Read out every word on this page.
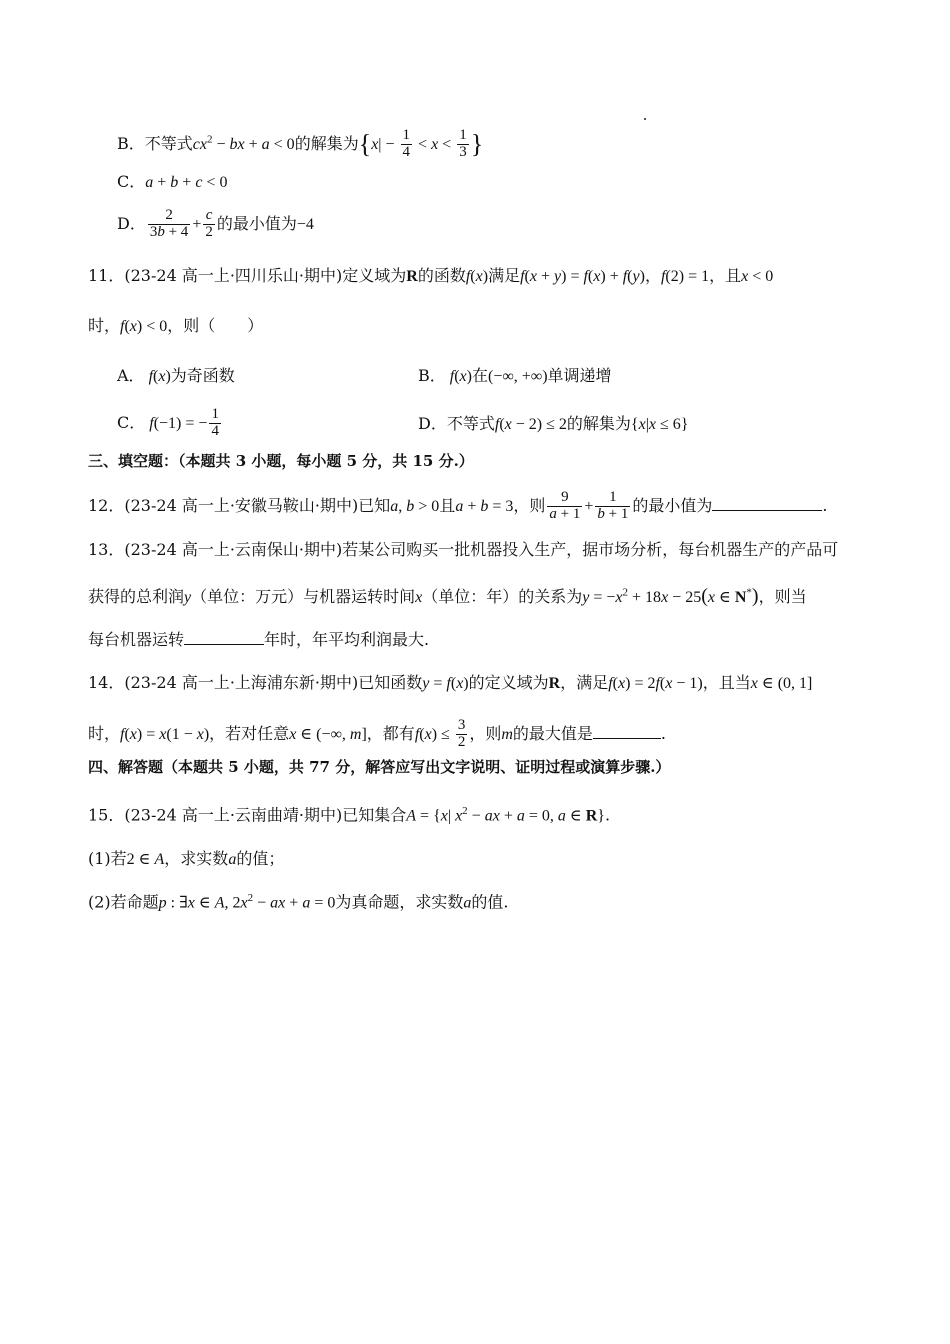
B．不等式$cx^2$ − bx + a < 0的解集为{$x| - \frac{1}{4} < x < \frac{1}{3}$ }
C．a + b + c < 0
D． $\frac{2}{3b + 4} + \frac{c}{2}$ 的最小值为−4
11．(23-24 高一上·四川乐山·期中)定义域为R的函数f(x)满足f(x + y) = f(x) + f(y)，f(2) = 1，且x < 0
时，f(x) < 0，则（　　）
A． f(x)为奇函数	B． f(x)在(−∞, +∞)单调递增
C． f(−1) = − $\frac{1}{4}$	D．不等式f(x − 2) ≤ 2的解集为{x|x ≤ 6}
三、填空题：（本题共 3 小题，每小题 5 分，共 15 分.）
12．(23-24 高一上·安徽马鞍山·期中)已知a, b > 0且a + b = 3，则 $\frac{9}{a + 1} + \frac{1}{b + 1}$ 的最小值为	.
13．(23-24 高一上·云南保山·期中)若某公司购买一批机器投入生产，据市场分析，每台机器生产的产品可
获得的总利润y（单位：万元）与机器运转时间x（单位：年）的关系为$y = -x^2 + 18x - 25(x$ ∈ N*)，则当
每台机器运转	年时，年平均利润最大.
14．(23-24 高一上·上海浦东新·期中)已知函数y = f(x)的定义域为R，满足f(x) = 2f(x − 1)，且当x ∈ (0, 1]
时，f(x) = x(1 − x)，若对任意x ∈ (−∞, m]，都有$f(x) \le \frac{3}{2}$ ，则m的最大值是	.
四、解答题（本题共 5 小题，共 77 分，解答应写出文字说明、证明过程或演算步骤.）
15．(23-24 高一上·云南曲靖·期中)已知集合A = {x| $x^2$ − ax + a = 0, a ∈ R}.
(1)若2 ∈ A，求实数a的值；
(2)若命题p : ∃x ∈ A, $2x^2$ − ax + a = 0为真命题，求实数a的值.
